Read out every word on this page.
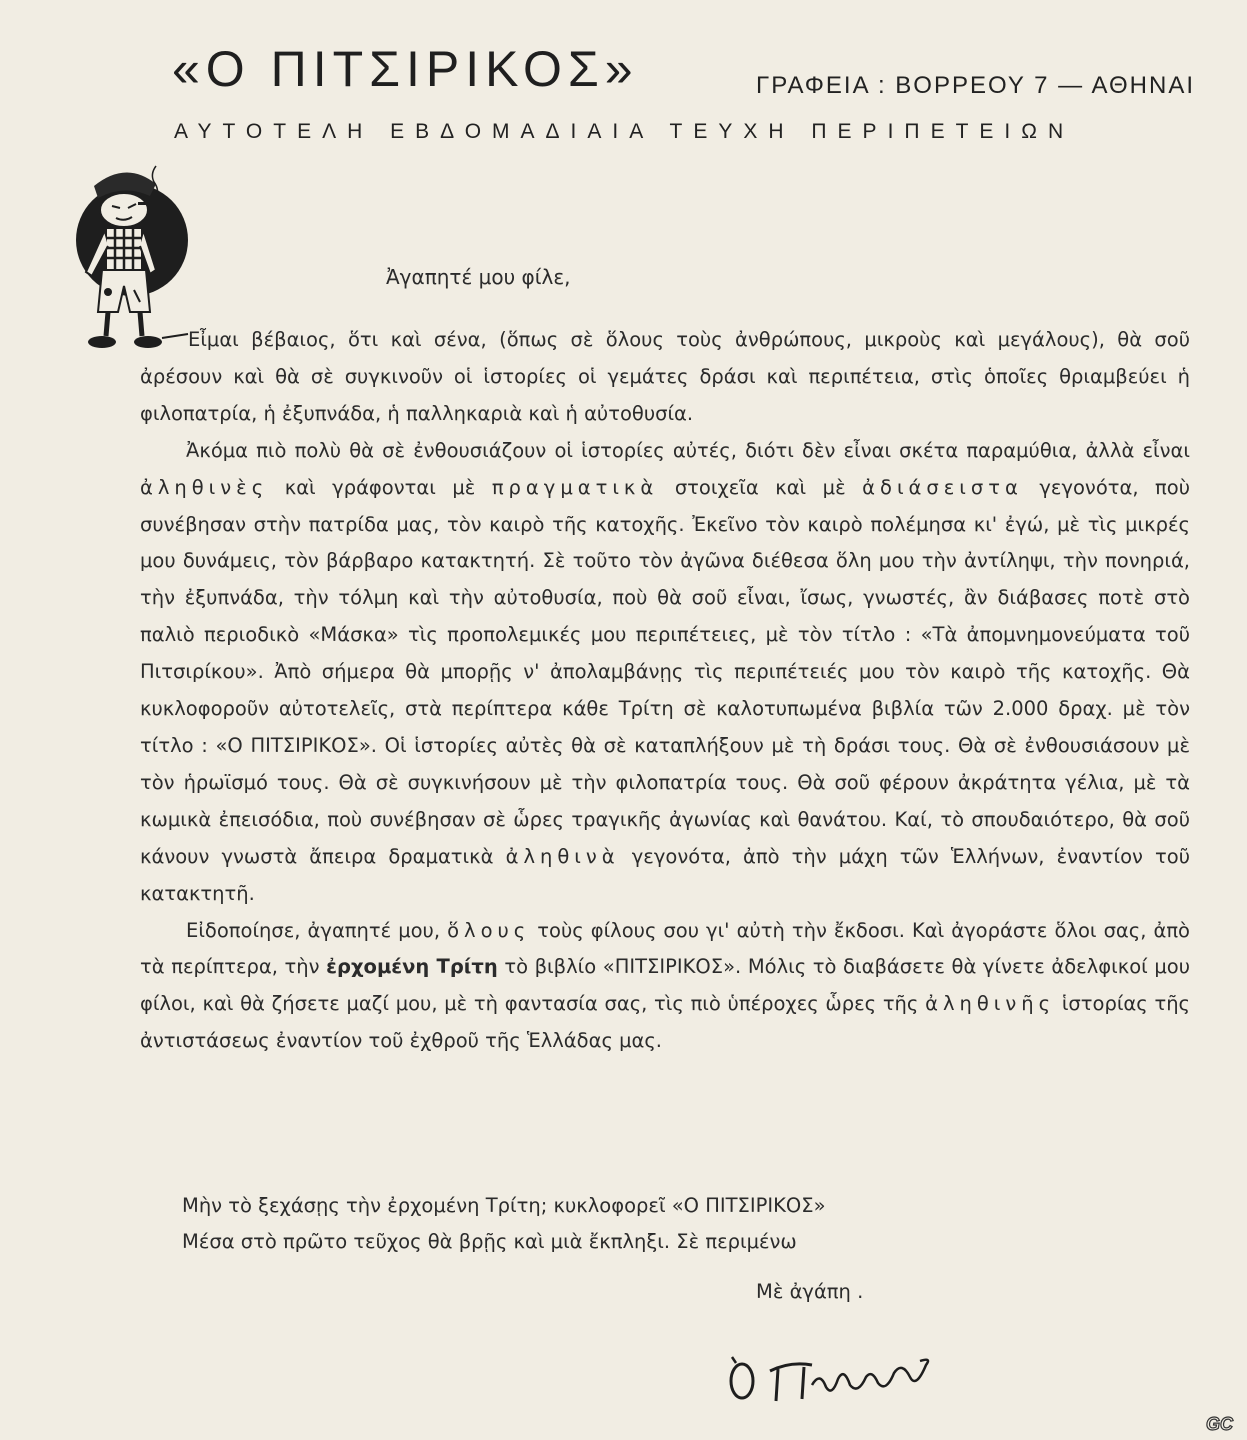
«Ο ΠΙΤΣΙΡΙΚΟΣ»	ΓΡΑΦΕΙΑ : ΒΟΡΡΕΟΥ 7 — ΑΘΗΝΑΙ
ΑΥΤΟΤΕΛΗ ΕΒΔΟΜΑΔΙΑΙΑ ΤΕΥΧΗ ΠΕΡΙΠΕΤΕΙΩΝ
Ἀγαπητέ μου φίλε,

Εἶμαι βέβαιος, ὅτι καὶ σένα, (ὅπως σὲ ὅλους τοὺς ἀνθρώπους, μικροὺς καὶ μεγάλους), θὰ σοῦ ἀρέσουν καὶ θὰ σὲ συγκινοῦν οἱ ἱστορίες οἱ γεμάτες δράσι καὶ περιπέτεια, στὶς ὁποῖες θριαμβεύει ἡ φιλοπατρία, ἡ ἐξυπνάδα, ἡ παλληκαριὰ καὶ ἡ αὐτοθυσία.

Ἀκόμα πιὸ πολὺ θὰ σὲ ἐνθουσιάζουν οἱ ἱστορίες αὐτές, διότι δὲν εἶναι σκέτα παραμύθια, ἀλλὰ εἶναι ἀληθινὲς καὶ γράφονται μὲ πραγματικὰ στοιχεῖα καὶ μὲ ἀδιάσειστα γεγονότα, ποὺ συνέβησαν στὴν πατρίδα μας, τὸν καιρὸ τῆς κατοχῆς. Ἐκεῖνο τὸν καιρὸ πολέμησα κι' ἐγώ, μὲ τὶς μικρές μου δυνάμεις, τὸν βάρβαρο κατακτητή. Σὲ τοῦτο τὸν ἀγῶνα διέθεσα ὅλη μου τὴν ἀντίληψι, τὴν πονηριά, τὴν ἐξυπνάδα, τὴν τόλμη καὶ τὴν αὐτοθυσία, ποὺ θὰ σοῦ εἶναι, ἴσως, γνωστές, ἂν διάβασες ποτὲ στὸ παλιὸ περιοδικὸ «Μάσκα» τὶς προπολεμικές μου περιπέτειες, μὲ τὸν τίτλο : «Τὰ ἀπομνημονεύματα τοῦ Πιτσιρίκου». Ἀπὸ σήμερα θὰ μπορῇς ν' ἀπολαμβάνῃς τὶς περιπέτειές μου τὸν καιρὸ τῆς κατοχῆς. Θὰ κυκλοφοροῦν αὐτοτελεῖς, στὰ περίπτερα κάθε Τρίτη σὲ καλοτυπωμένα βιβλία τῶν 2.000 δραχ. μὲ τὸν τίτλο : «Ο ΠΙΤΣΙΡΙΚΟΣ». Οἱ ἱστορίες αὐτὲς θὰ σὲ καταπλήξουν μὲ τὴ δράσι τους. Θὰ σὲ ἐνθουσιάσουν μὲ τὸν ἡρωϊσμό τους. Θὰ σὲ συγκινήσουν μὲ τὴν φιλοπατρία τους. Θὰ σοῦ φέρουν ἀκράτητα γέλια, μὲ τὰ κωμικὰ ἐπεισόδια, ποὺ συνέβησαν σὲ ὧρες τραγικῆς ἀγωνίας καὶ θανάτου. Καί, τὸ σπουδαιότερο, θὰ σοῦ κάνουν γνωστὰ ἄπειρα δραματικὰ ἀληθινὰ γεγονότα, ἀπὸ τὴν μάχη τῶν Ἑλλήνων, ἐναντίον τοῦ κατακτητῆ.

Εἰδοποίησε, ἀγαπητέ μου, ὅλους τοὺς φίλους σου γι' αὐτὴ τὴν ἔκδοσι. Καὶ ἀγοράστε ὅλοι σας, ἀπὸ τὰ περίπτερα, τὴν ἐρχομένη Τρίτη τὸ βιβλίο «ΠΙΤΣΙΡΙΚΟΣ». Μόλις τὸ διαβάσετε θὰ γίνετε ἀδελφικοί μου φίλοι, καὶ θὰ ζήσετε μαζί μου, μὲ τὴ φαντασία σας, τὶς πιὸ ὑπέροχες ὧρες τῆς ἀληθινῆς ἱστορίας τῆς ἀντιστάσεως ἐναντίον τοῦ ἐχθροῦ τῆς Ἑλλάδας μας.

Μὴν τὸ ξεχάσῃς τὴν ἐρχομένη Τρίτη; κυκλοφορεῖ «Ο ΠΙΤΣΙΡΙΚΟΣ»
Μέσα στὸ πρῶτο τεῦχος θὰ βρῇς καὶ μιὰ ἔκπληξι. Σὲ περιμένω
Μὲ ἀγάπη .
GC
